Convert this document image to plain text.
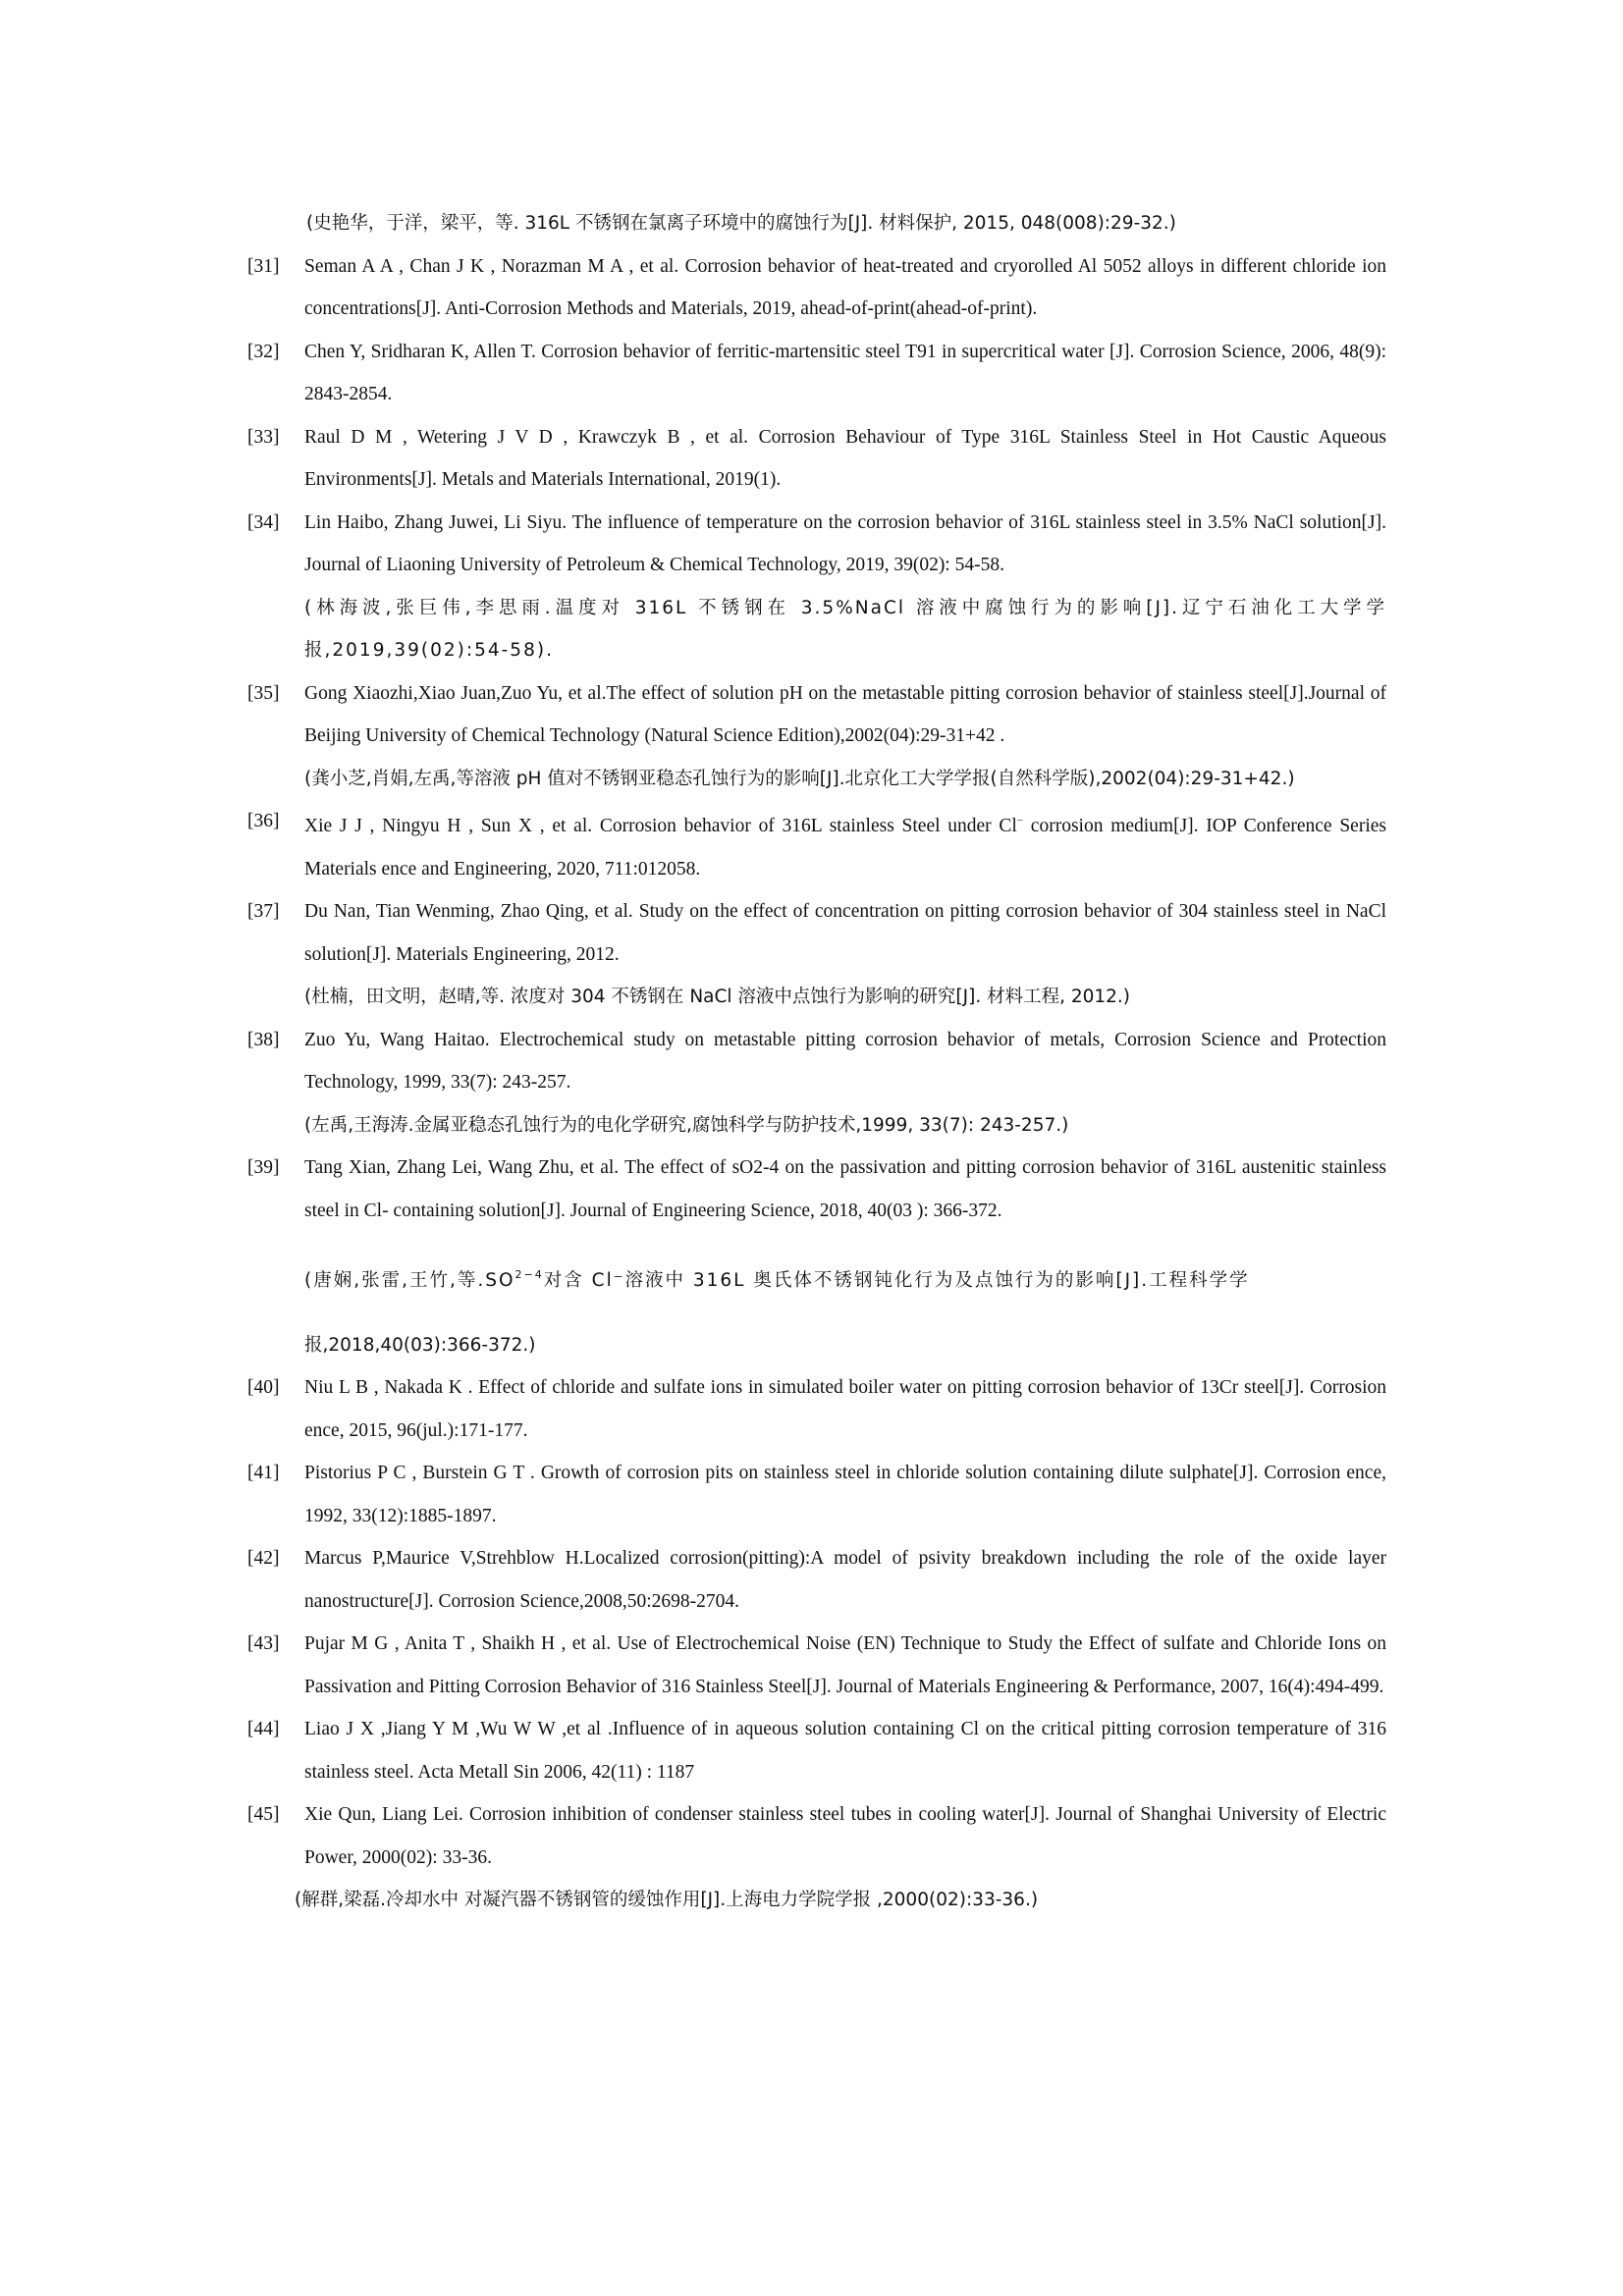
(史艳华，于洋，梁平，等. 316L 不锈钢在氯离子环境中的腐蚀行为[J]. 材料保护, 2015, 048(008):29-32.)
[31]	Seman A A , Chan J K , Norazman M A , et al. Corrosion behavior of heat-treated and cryorolled Al 5052 alloys in different chloride ion concentrations[J]. Anti-Corrosion Methods and Materials, 2019, ahead-of-print(ahead-of-print).
[32]	Chen Y, Sridharan K, Allen T. Corrosion behavior of ferritic-martensitic steel T91 in supercritical water [J]. Corrosion Science, 2006, 48(9): 2843-2854.
[33]	Raul D M , Wetering J V D , Krawczyk B , et al. Corrosion Behaviour of Type 316L Stainless Steel in Hot Caustic Aqueous Environments[J]. Metals and Materials International, 2019(1).
[34]	Lin Haibo, Zhang Juwei, Li Siyu. The influence of temperature on the corrosion behavior of 316L stainless steel in 3.5% NaCl solution[J]. Journal of Liaoning University of Petroleum & Chemical Technology, 2019, 39(02): 54-58.
(林海波,张巨伟,李思雨.温度对 316L 不锈钢在 3.5%NaCl 溶液中腐蚀行为的影响[J].辽宁石油化工大学学报,2019,39(02):54-58).
[35]	Gong Xiaozhi,Xiao Juan,Zuo Yu, et al.The effect of solution pH on the metastable pitting corrosion behavior of stainless steel[J].Journal of Beijing University of Chemical Technology (Natural Science Edition),2002(04):29-31+42 .
(龚小芝,肖娟,左禹,等溶液 pH 值对不锈钢亚稳态孔蚀行为的影响[J].北京化工大学学报(自然科学版),2002(04):29-31+42.)
[36]	Xie J J , Ningyu H , Sun X , et al. Corrosion behavior of 316L stainless Steel under Cl− corrosion medium[J]. IOP Conference Series Materials ence and Engineering, 2020, 711:012058.
[37]	Du Nan, Tian Wenming, Zhao Qing, et al. Study on the effect of concentration on pitting corrosion behavior of 304 stainless steel in NaCl solution[J]. Materials Engineering, 2012.
(杜楠，田文明，赵晴,等. 浓度对 304 不锈钢在 NaCl 溶液中点蚀行为影响的研究[J]. 材料工程, 2012.)
[38]	Zuo Yu, Wang Haitao. Electrochemical study on metastable pitting corrosion behavior of metals, Corrosion Science and Protection Technology, 1999, 33(7): 243-257.
(左禹,王海涛.金属亚稳态孔蚀行为的电化学研究,腐蚀科学与防护技术,1999, 33(7): 243-257.)
[39]	Tang Xian, Zhang Lei, Wang Zhu, et al. The effect of sO2-4 on the passivation and pitting corrosion behavior of 316L austenitic stainless steel in Cl- containing solution[J]. Journal of Engineering Science, 2018, 40(03 ): 366-372.
(唐娴,张雷,王竹,等$.SO^{2-4}$对含 Cl⁻溶液中 316L 奥氏体不锈钢钝化行为及点蚀行为的影响[J].工程科学学
报,2018,40(03):366-372.)
[40]	Niu L B , Nakada K . Effect of chloride and sulfate ions in simulated boiler water on pitting corrosion behavior of 13Cr steel[J]. Corrosion ence, 2015, 96(jul.):171-177.
[41]	Pistorius P C , Burstein G T . Growth of corrosion pits on stainless steel in chloride solution containing dilute sulphate[J]. Corrosion ence, 1992, 33(12):1885-1897.
[42]	Marcus P,Maurice V,Strehblow H.Localized corrosion(pitting):A model of psivity breakdown including the role of the oxide layer nanostructure[J]. Corrosion Science,2008,50:2698-2704.
[43]	Pujar M G , Anita T , Shaikh H , et al. Use of Electrochemical Noise (EN) Technique to Study the Effect of sulfate and Chloride Ions on Passivation and Pitting Corrosion Behavior of 316 Stainless Steel[J]. Journal of Materials Engineering & Performance, 2007, 16(4):494-499.
[44]	Liao J X ,Jiang Y M ,Wu W W ,et al .Influence of in aqueous solution containing Cl on the critical pitting corrosion temperature of 316 stainless steel. Acta Metall Sin 2006, 42(11) : 1187
[45]	Xie Qun, Liang Lei. Corrosion inhibition of condenser stainless steel tubes in cooling water[J]. Journal of Shanghai University of Electric Power, 2000(02): 33-36.
(解群,梁磊.冷却水中 对凝汽器不锈钢管的缓蚀作用[J].上海电力学院学报 ,2000(02):33-36.)
